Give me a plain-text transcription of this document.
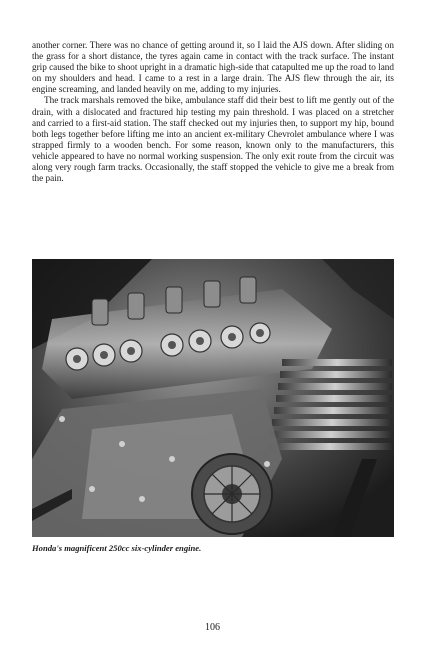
another corner. There was no chance of getting around it, so I laid the AJS down. After sliding on the grass for a short distance, the tyres again came in contact with the track surface. The instant grip caused the bike to shoot upright in a dramatic high-side that catapulted me up the road to land on my shoulders and head. I came to a rest in a large drain. The AJS flew through the air, its engine screaming, and landed heavily on me, adding to my injuries.

The track marshals removed the bike, ambulance staff did their best to lift me gently out of the drain, with a dislocated and fractured hip testing my pain threshold. I was placed on a stretcher and carried to a first-aid station. The staff checked out my injuries then, to support my hip, bound both legs together before lifting me into an ancient ex-military Chevrolet ambulance where I was strapped firmly to a wooden bench. For some reason, known only to the manufacturers, this vehicle appeared to have no normal working suspension. The only exit route from the circuit was along very rough farm tracks. Occasionally, the staff stopped the vehicle to give me a break from the pain.

Honda's magnificent 250cc six-cylinder engine.

106
